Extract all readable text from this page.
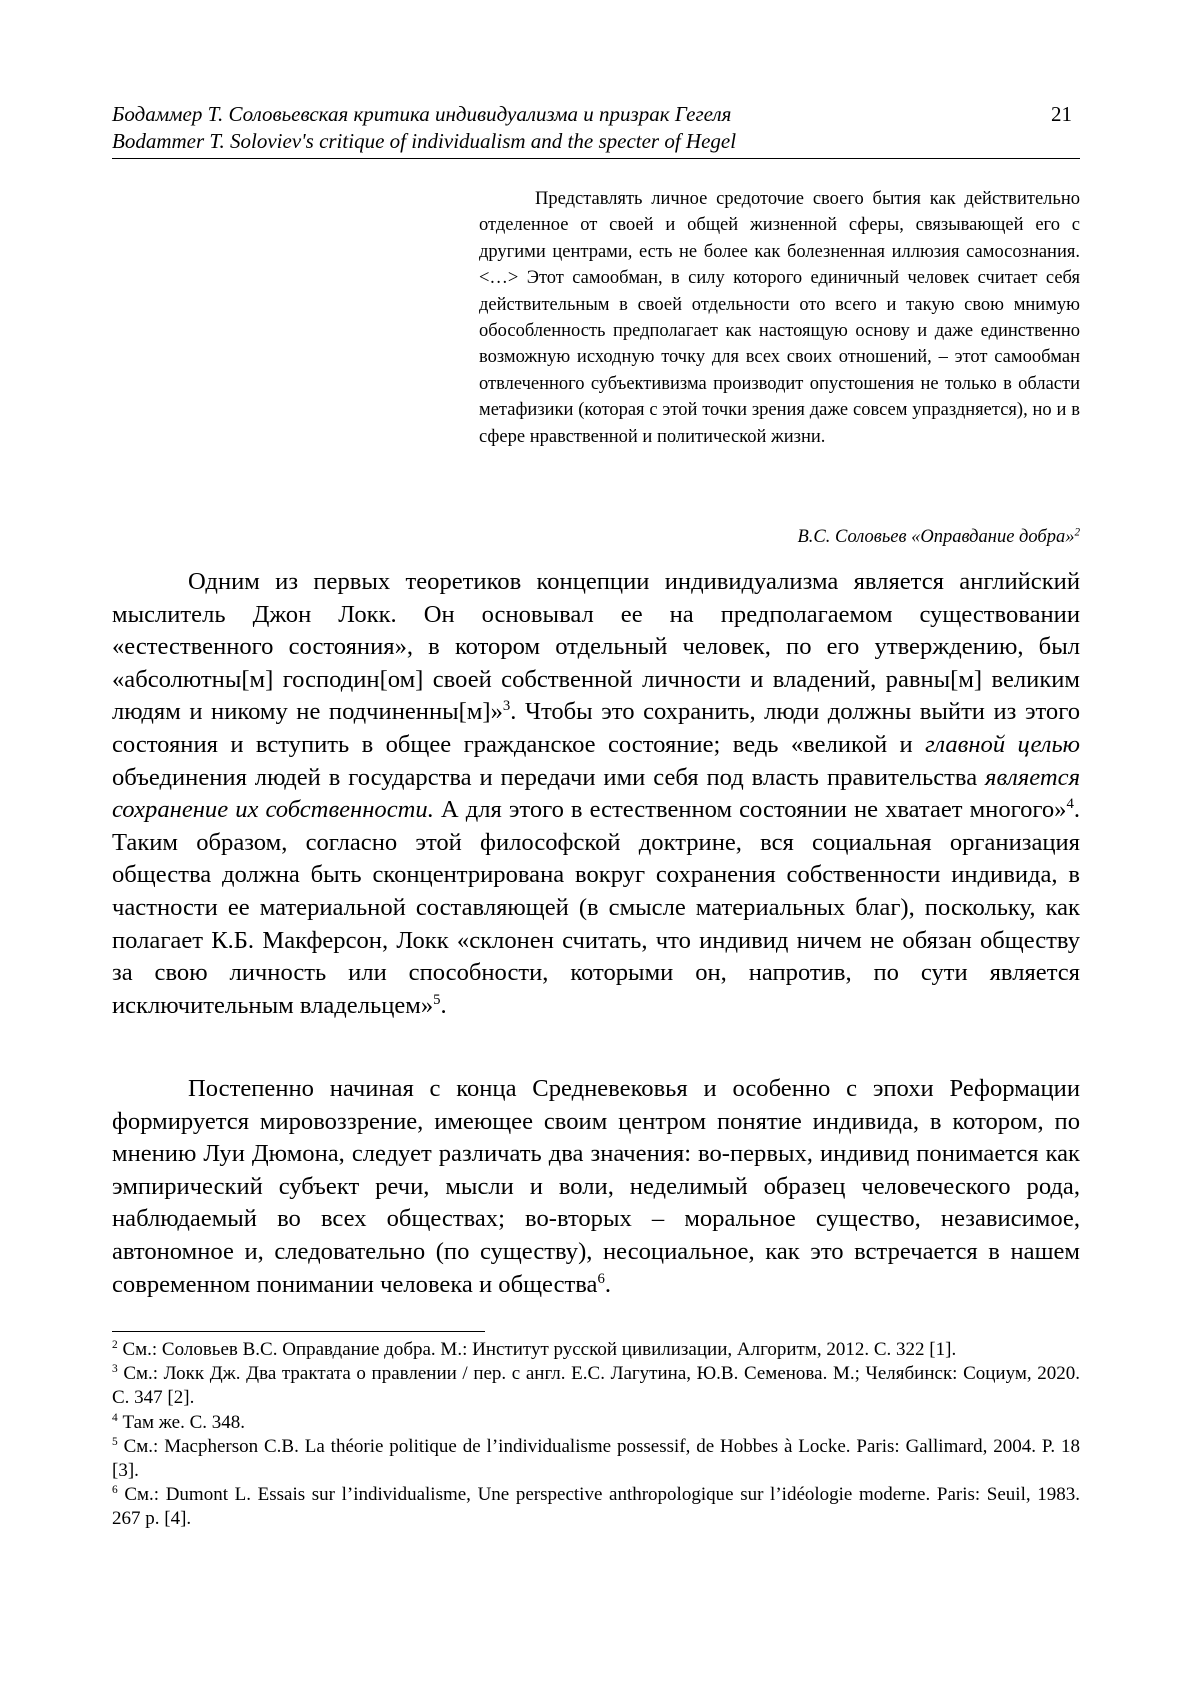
Бодаммер Т. Соловьевская критика индивидуализма и призрак Гегеля
Bodammer T. Soloviev's critique of individualism and the specter of Hegel
21

Представлять личное средоточие своего бытия как действительно отделенное от своей и общей жизненной сферы, связывающей его с другими центрами, есть не более как болезненная иллюзия самосознания. <…> Этот самообман, в силу которого единичный человек считает себя действительным в своей отдельности ото всего и такую свою мнимую обособленность предполагает как настоящую основу и даже единственно возможную исходную точку для всех своих отношений, – этот самообман отвлеченного субъективизма производит опустошения не только в области метафизики (которая с этой точки зрения даже совсем упраздняется), но и в сфере нравственной и политической жизни.

В.С. Соловьев «Оправдание добра»$^2$

Одним из первых теоретиков концепции индивидуализма является английский мыслитель Джон Локк. Он основывал ее на предполагаемом существовании «естественного состояния», в котором отдельный человек, по его утверждению, был «абсолютны[м] господин[ом] своей собственной личности и владений, равны[м] великим людям и никому не подчиненны[м]»$^3$. Чтобы это сохранить, люди должны выйти из этого состояния и вступить в общее гражданское состояние; ведь «великой и главной целью объединения людей в государства и передачи ими себя под власть правительства является сохранение их собственности. А для этого в естественном состоянии не хватает многого»$^4$. Таким образом, согласно этой философской доктрине, вся социальная организация общества должна быть сконцентрирована вокруг сохранения собственности индивида, в частности ее материальной составляющей (в смысле материальных благ), поскольку, как полагает К.Б. Макферсон, Локк «склонен считать, что индивид ничем не обязан обществу за свою личность или способности, которыми он, напротив, по сути является исключительным владельцем»$^5$.

Постепенно начиная с конца Средневековья и особенно с эпохи Реформации формируется мировоззрение, имеющее своим центром понятие индивида, в котором, по мнению Луи Дюмона, следует различать два значения: во-первых, индивид понимается как эмпирический субъект речи, мысли и воли, неделимый образец человеческого рода, наблюдаемый во всех обществах; во-вторых – моральное существо, независимое, автономное и, следовательно (по существу), несоциальное, как это встречается в нашем современном понимании человека и общества$^6$.

$^2$ См.: Соловьев В.С. Оправдание добра. М.: Институт русской цивилизации, Алгоритм, 2012. С. 322 [1].

$^3$ См.: Локк Дж. Два трактата о правлении / пер. с англ. Е.С. Лагутина, Ю.В. Семенова. М.; Челябинск: Социум, 2020. С. 347 [2].

$^4$ Там же. С. 348.

$^5$ См.: Macpherson C.B. La théorie politique de l’individualisme possessif, de Hobbes à Locke. Paris: Gallimard, 2004. P. 18 [3].

$^6$ См.: Dumont L. Essais sur l’individualisme, Une perspective anthropologique sur l’idéologie moderne. Paris: Seuil, 1983. 267 p. [4].
